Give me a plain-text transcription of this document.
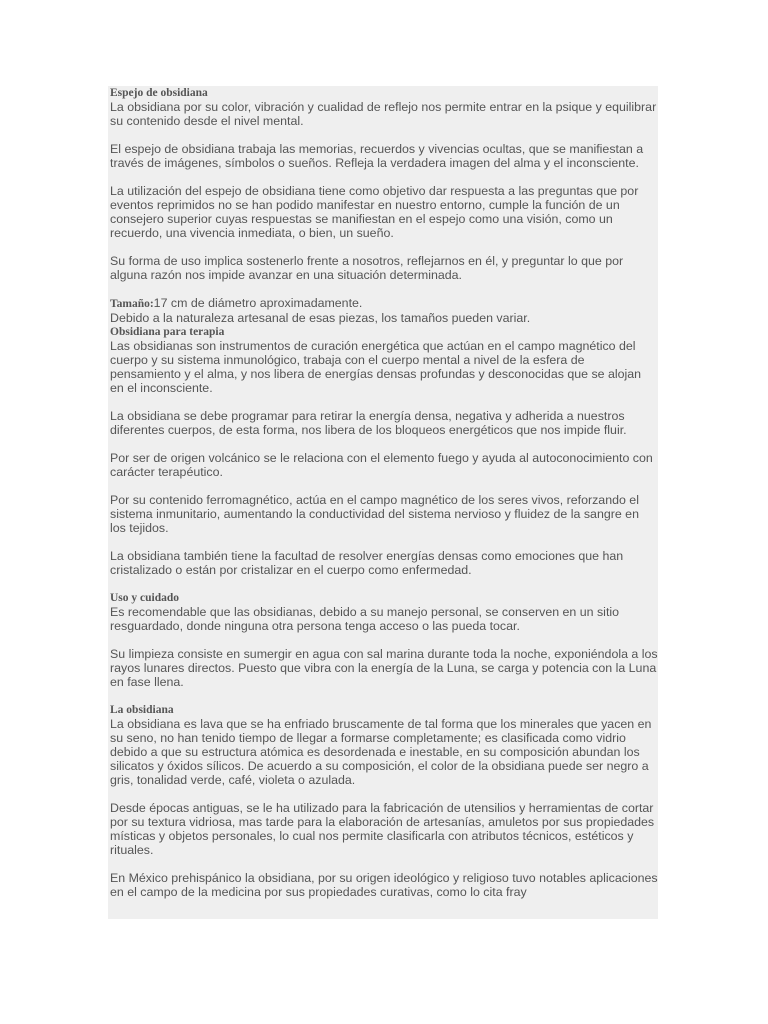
Espejo de obsidiana

La obsidiana por su color, vibración y cualidad de reflejo nos permite entrar en la psique y equilibrar su contenido desde el nivel mental.

El espejo de obsidiana trabaja las memorias, recuerdos y vivencias ocultas, que se manifiestan a través de imágenes, símbolos o sueños. Refleja la verdadera imagen del alma y el inconsciente.

La utilización del espejo de obsidiana tiene como objetivo dar respuesta a las preguntas que por eventos reprimidos no se han podido manifestar en nuestro entorno, cumple la función de un consejero superior cuyas respuestas se manifiestan en el espejo como una visión, como un recuerdo, una vivencia inmediata, o bien, un sueño.

Su forma de uso implica sostenerlo frente a nosotros, reflejarnos en él, y preguntar lo que por alguna razón nos impide avanzar en una situación determinada.

Tamaño:17 cm de diámetro aproximadamente.

Debido a la naturaleza artesanal de esas piezas, los tamaños pueden variar.

Obsidiana para terapia

Las obsidianas son instrumentos de curación energética que actúan en el campo magnético del cuerpo y su sistema inmunológico, trabaja con el cuerpo mental a nivel de la esfera de pensamiento y el alma, y nos libera de energías densas profundas y desconocidas que se alojan en el inconsciente.

La obsidiana se debe programar para retirar la energía densa, negativa y adherida a nuestros diferentes cuerpos, de esta forma, nos libera de los bloqueos energéticos que nos impide fluir.

Por ser de origen volcánico se le relaciona con el elemento fuego y ayuda al autoconocimiento con carácter terapéutico.

Por su contenido ferromagnético, actúa en el campo magnético de los seres vivos, reforzando el sistema inmunitario, aumentando la conductividad del sistema nervioso y fluidez de la sangre en los tejidos.

La obsidiana también tiene la facultad de resolver energías densas como emociones que han cristalizado o están por cristalizar en el cuerpo como enfermedad.

Uso y cuidado

Es recomendable que las obsidianas, debido a su manejo personal, se conserven en un sitio resguardado, donde ninguna otra persona tenga acceso o las pueda tocar.

Su limpieza consiste en sumergir en agua con sal marina durante toda la noche, exponiéndola a los rayos lunares directos. Puesto que vibra con la energía de la Luna, se carga y potencia con la Luna en fase llena.

La obsidiana

La obsidiana es lava que se ha enfriado bruscamente de tal forma que los minerales que yacen en su seno, no han tenido tiempo de llegar a formarse completamente; es clasificada como vidrio debido a que su estructura atómica es desordenada e inestable, en su composición abundan los silicatos y óxidos sílicos. De acuerdo a su composición, el color de la obsidiana puede ser negro a gris, tonalidad verde, café, violeta o azulada.

Desde épocas antiguas, se le ha utilizado para la fabricación de utensilios y herramientas de cortar por su textura vidriosa, mas tarde para la elaboración de artesanías, amuletos por sus propiedades místicas y objetos personales, lo cual nos permite clasificarla con atributos técnicos, estéticos y rituales.

En México prehispánico la obsidiana, por su origen ideológico y religioso tuvo notables aplicaciones en el campo de la medicina por sus propiedades curativas, como lo cita fray
